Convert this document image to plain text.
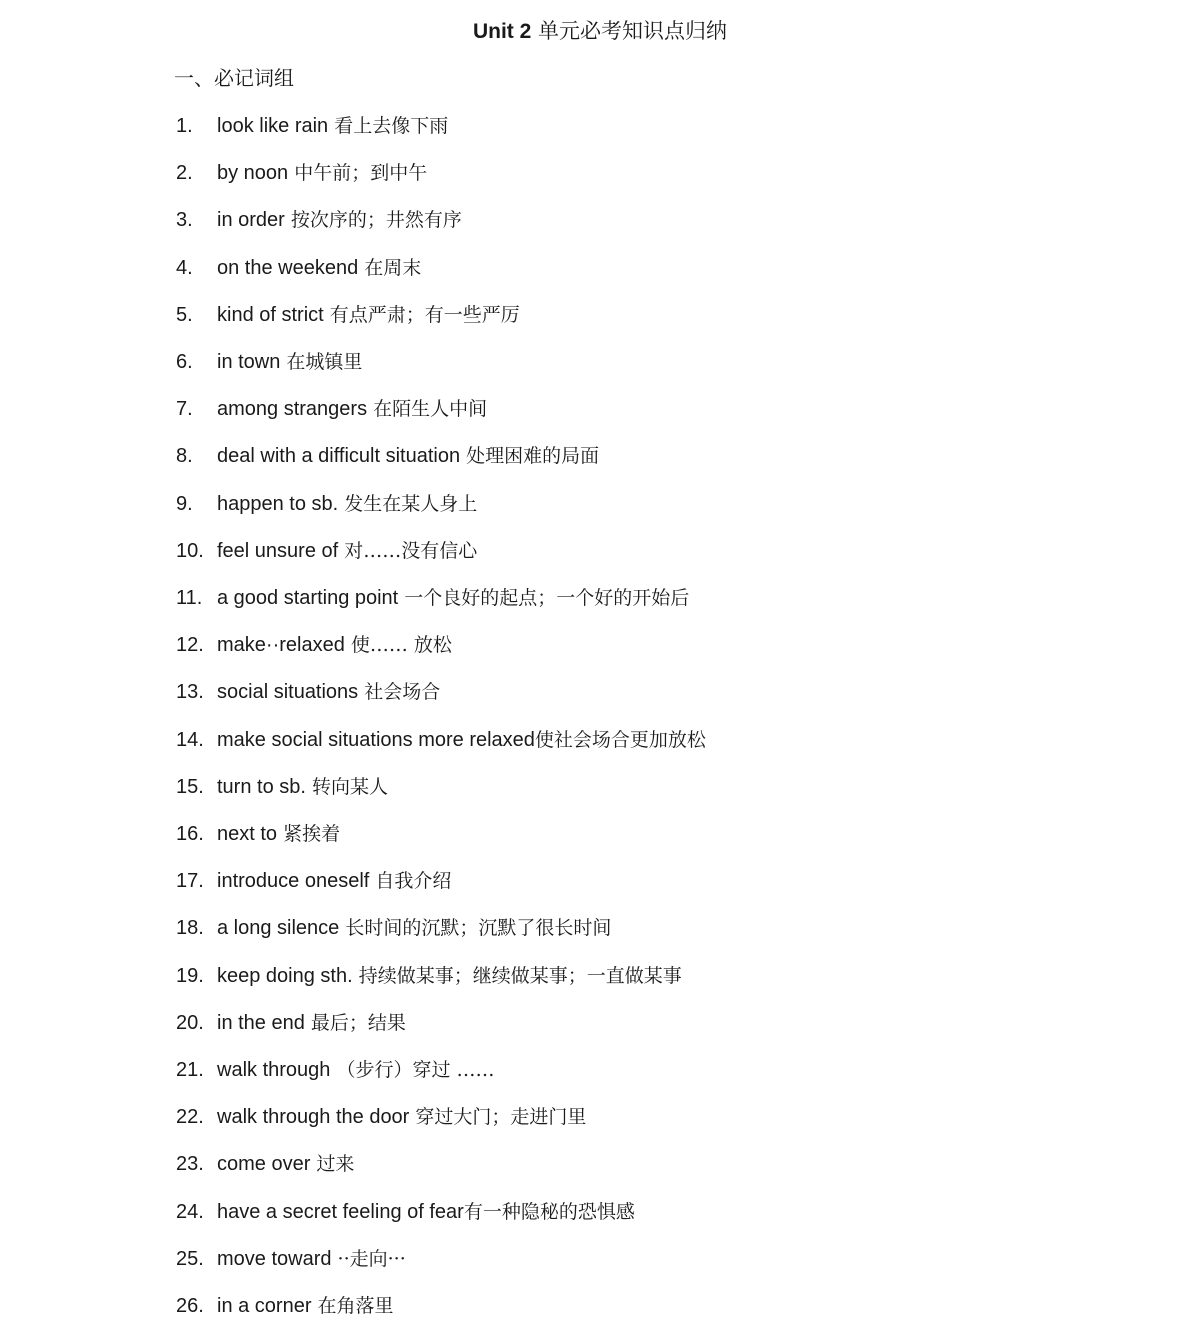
Unit 2 单元必考知识点归纳
一、必记词组
1. look like rain 看上去像下雨
2. by noon 中午前；到中午
3. in order 按次序的；井然有序
4. on the weekend 在周末
5. kind of strict 有点严肃；有一些严厉
6. in town 在城镇里
7. among strangers 在陌生人中间
8. deal with a difficult situation 处理困难的局面
9. happen to sb. 发生在某人身上
10. feel unsure of 对……没有信心
11. a good starting point 一个良好的起点；一个好的开始后
12. make··relaxed 使…… 放松
13. social situations 社会场合
14. make social situations more relaxed使社会场合更加放松
15. turn to sb. 转向某人
16. next to 紧挨着
17. introduce oneself 自我介绍
18. a long silence 长时间的沉默；沉默了很长时间
19. keep doing sth. 持续做某事；继续做某事；一直做某事
20. in the end 最后；结果
21. walk through （步行）穿过 ……
22. walk through the door 穿过大门；走进门里
23. come over 过来
24. have a secret feeling of fear有一种隐秘的恐惧感
25. move toward ··走向···
26. in a corner 在角落里
